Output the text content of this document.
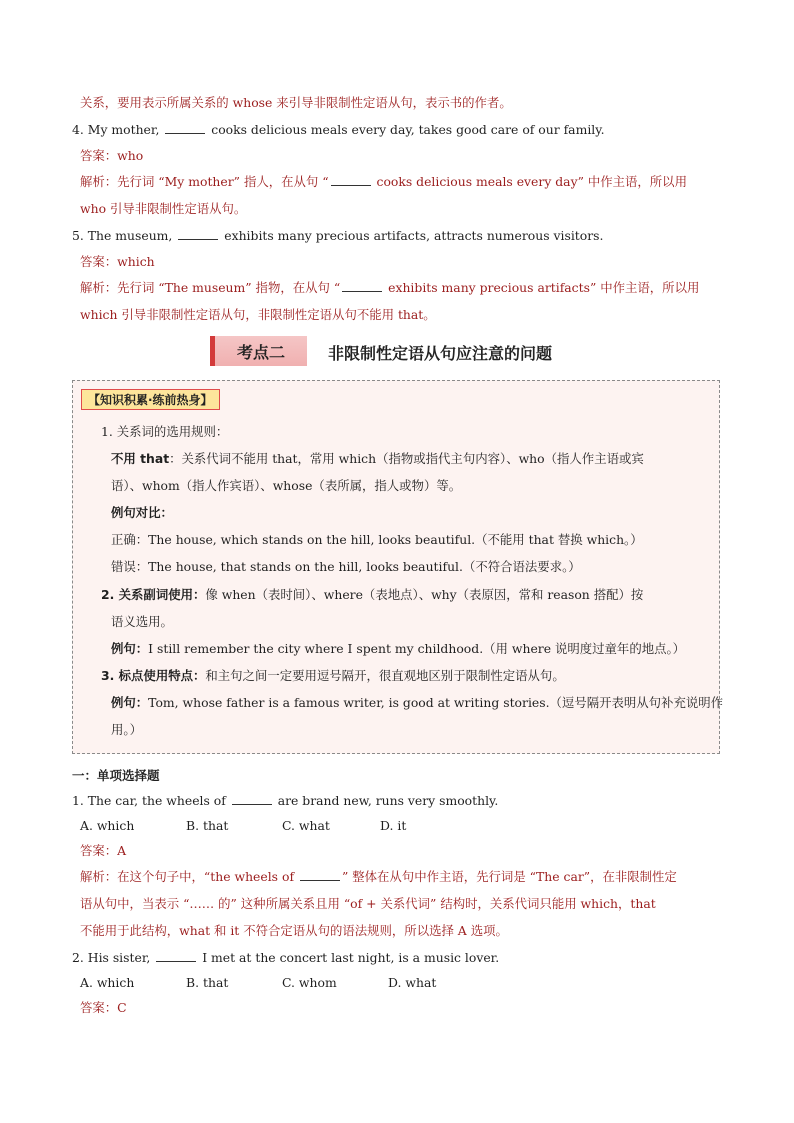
关系，要用表示所属关系的 whose 来引导非限制性定语从句，表示书的作者。
4. My mother,	cooks delicious meals every day, takes good care of our family.
答案：who
解析：先行词 “My mother” 指人，在从句 “	cooks delicious meals every day” 中作主语，所以用
who 引导非限制性定语从句。
5. The museum,	exhibits many precious artifacts, attracts numerous visitors.
答案：which
解析：先行词 “The museum” 指物，在从句 “	exhibits many precious artifacts” 中作主语，所以用
which 引导非限制性定语从句，非限制性定语从句不能用 that。
考点二	非限制性定语从句应注意的问题
【知识积累·练前热身】
1. 关系词的选用规则：
不用 that：关系代词不能用 that，常用 which（指物或指代主句内容）、who（指人作主语或宾
语）、whom（指人作宾语）、whose（表所属，指人或物）等。
例句对比：
正确：The house, which stands on the hill, looks beautiful.（不能用 that 替换 which。）
错误：The house, that stands on the hill, looks beautiful.（不符合语法要求。）
2. 关系副词使用：像 when（表时间）、where（表地点）、why（表原因，常和 reason 搭配）按
语义选用。
例句：I still remember the city where I spent my childhood.（用 where 说明度过童年的地点。）
3. 标点使用特点：和主句之间一定要用逗号隔开，很直观地区别于限制性定语从句。
例句：Tom, whose father is a famous writer, is good at writing stories.（逗号隔开表明从句补充说明作
用。）
一：单项选择题
1. The car, the wheels of	are brand new, runs very smoothly.
A. which	B. that	C. what	D. it
答案：A
解析：在这个句子中，“the wheels of	” 整体在从句中作主语，先行词是 “The car”，在非限制性定
语从句中，当表示 “…… 的” 这种所属关系且用 “of + 关系代词” 结构时，关系代词只能用 which，that
不能用于此结构，what 和 it 不符合定语从句的语法规则，所以选择 A 选项。
2. His sister,	I met at the concert last night, is a music lover.
A. which	B. that	C. whom	D. what
答案：C
